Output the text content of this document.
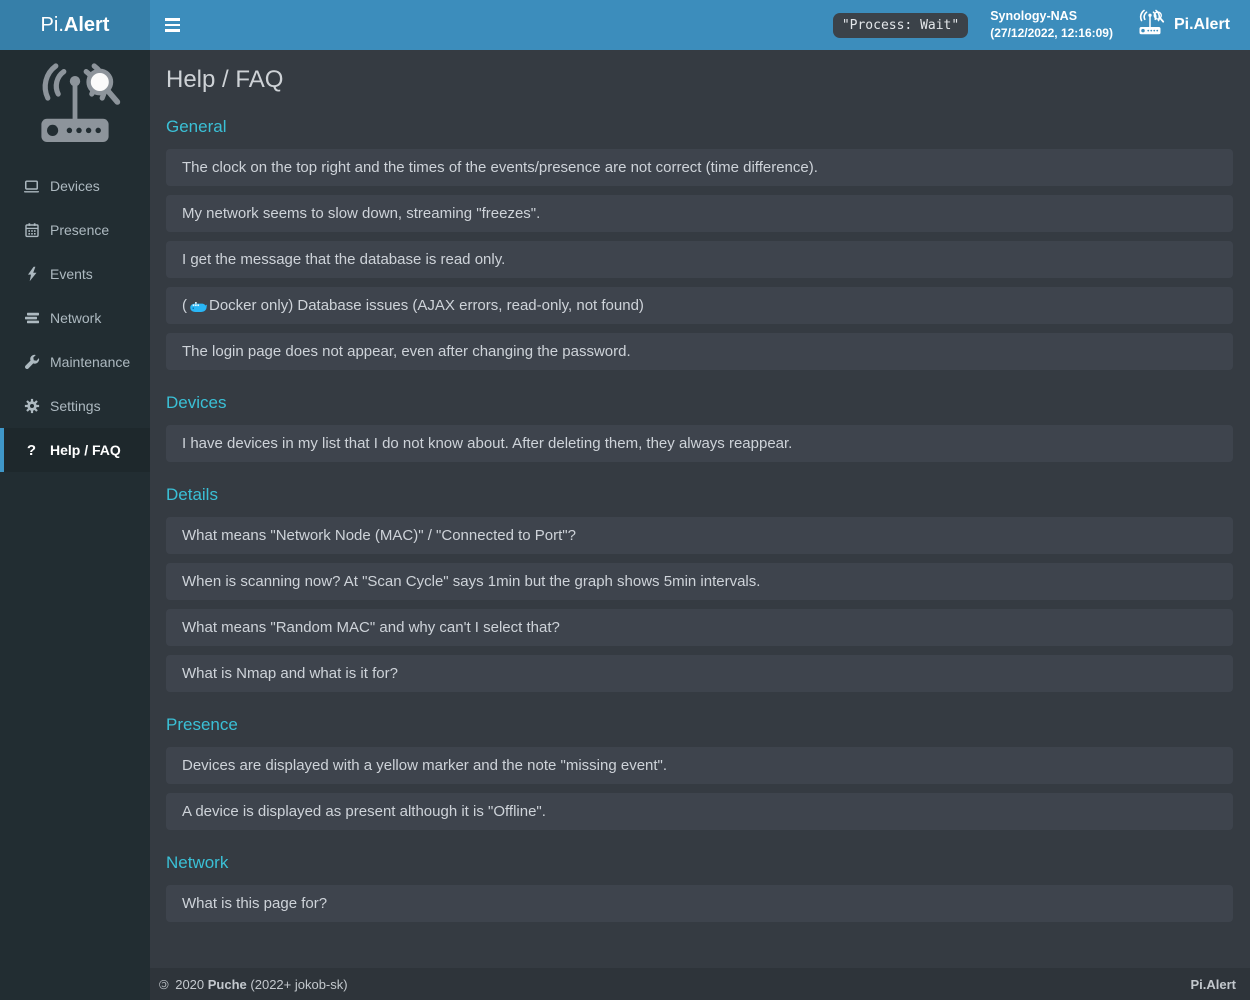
Pi. Alert	"Process: Wait"
Synology-NAS
(27/12/2022, 12:16:09)
Pi.Alert
Devices
Presence
Events
Network
Maintenance
Settings
? Help / FAQ
Help / FAQ
General
The clock on the top right and the times of the events/presence are not correct (time difference).
My network seems to slow down, streaming "freezes".
I get the message that the database is read only.
( Docker only) Database issues (AJAX errors, read-only, not found)
The login page does not appear, even after changing the password.
Devices
I have devices in my list that I do not know about. After deleting them, they always reappear.
Details
What means "Network Node (MAC)" / "Connected to Port"?
When is scanning now? At "Scan Cycle" says 1min but the graph shows 5min intervals.
What means "Random MAC" and why can't I select that?
What is Nmap and what is it for?
Presence
Devices are displayed with a yellow marker and the note "missing event".
A device is displayed as present although it is "Offline".
Network
What is this page for?
© 2020 Puche (2022+ jokob-sk)	Pi.Alert
